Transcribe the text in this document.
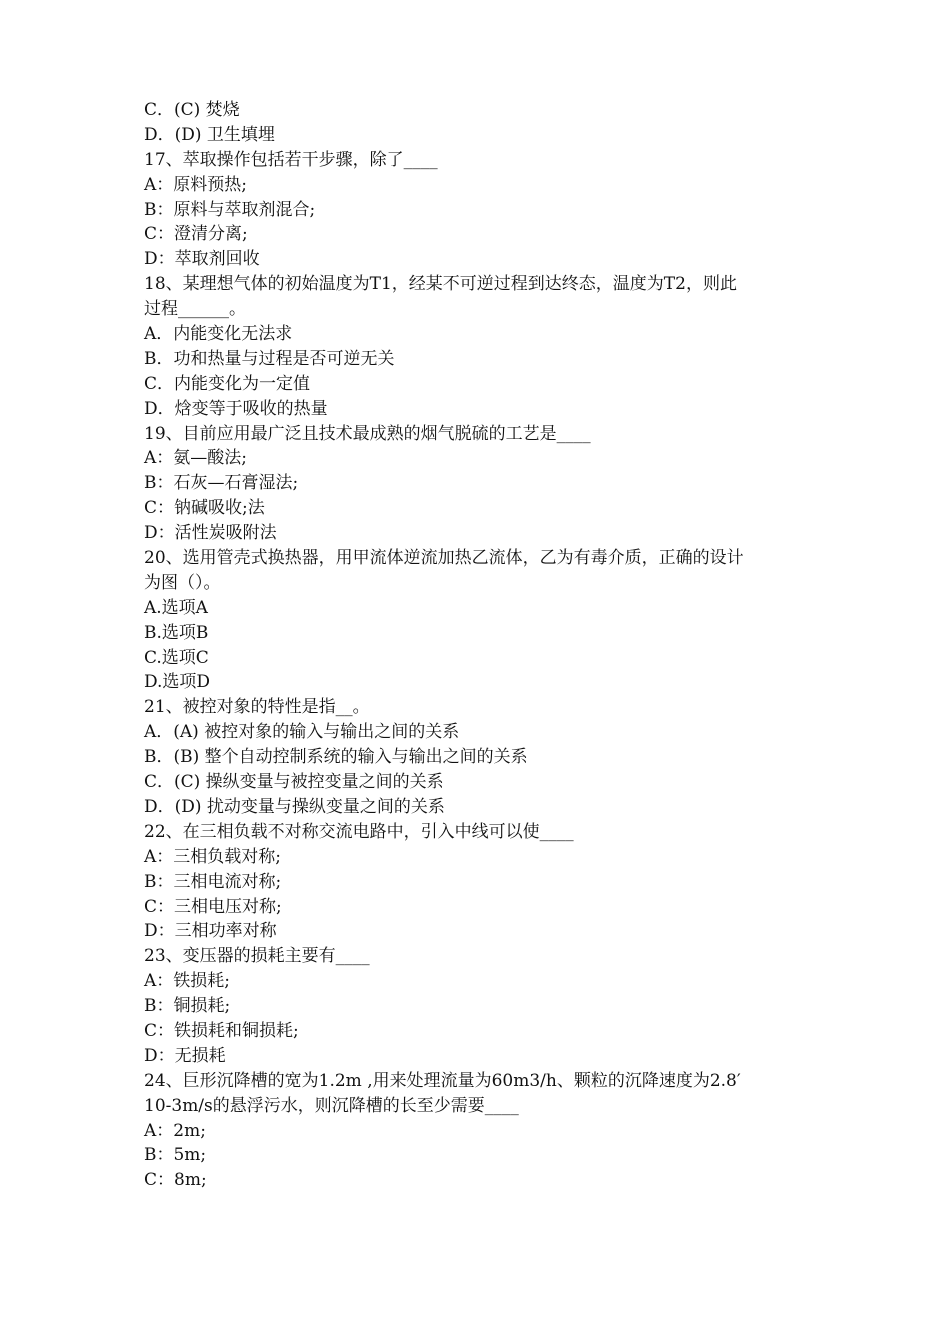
C．(C) 焚烧
D．(D) 卫生填埋
17、萃取操作包括若干步骤，除了____
A：原料预热;
B：原料与萃取剂混合;
C：澄清分离;
D：萃取剂回收
18、某理想气体的初始温度为T1，经某不可逆过程到达终态，温度为T2，则此
过程______。
A．内能变化无法求
B．功和热量与过程是否可逆无关
C．内能变化为一定值
D．焓变等于吸收的热量
19、目前应用最广泛且技术最成熟的烟气脱硫的工艺是____
A：氨—酸法;
B：石灰—石膏湿法;
C：钠碱吸收;法
D：活性炭吸附法
20、选用管壳式换热器，用甲流体逆流加热乙流体，乙为有毒介质，正确的设计
为图（）。
A.选项A
B.选项B
C.选项C
D.选项D
21、被控对象的特性是指__。
A．(A) 被控对象的输入与输出之间的关系
B．(B) 整个自动控制系统的输入与输出之间的关系
C．(C) 操纵变量与被控变量之间的关系
D．(D) 扰动变量与操纵变量之间的关系
22、在三相负载不对称交流电路中，引入中线可以使____
A：三相负载对称;
B：三相电流对称;
C：三相电压对称;
D：三相功率对称
23、变压器的损耗主要有____
A：铁损耗;
B：铜损耗;
C：铁损耗和铜损耗;
D：无损耗
24、巨形沉降槽的宽为1.2m ,用来处理流量为60m3/h、颗粒的沉降速度为2.8′
10-3m/s的悬浮污水，则沉降槽的长至少需要____
A：2m;
B：5m;
C：8m;
